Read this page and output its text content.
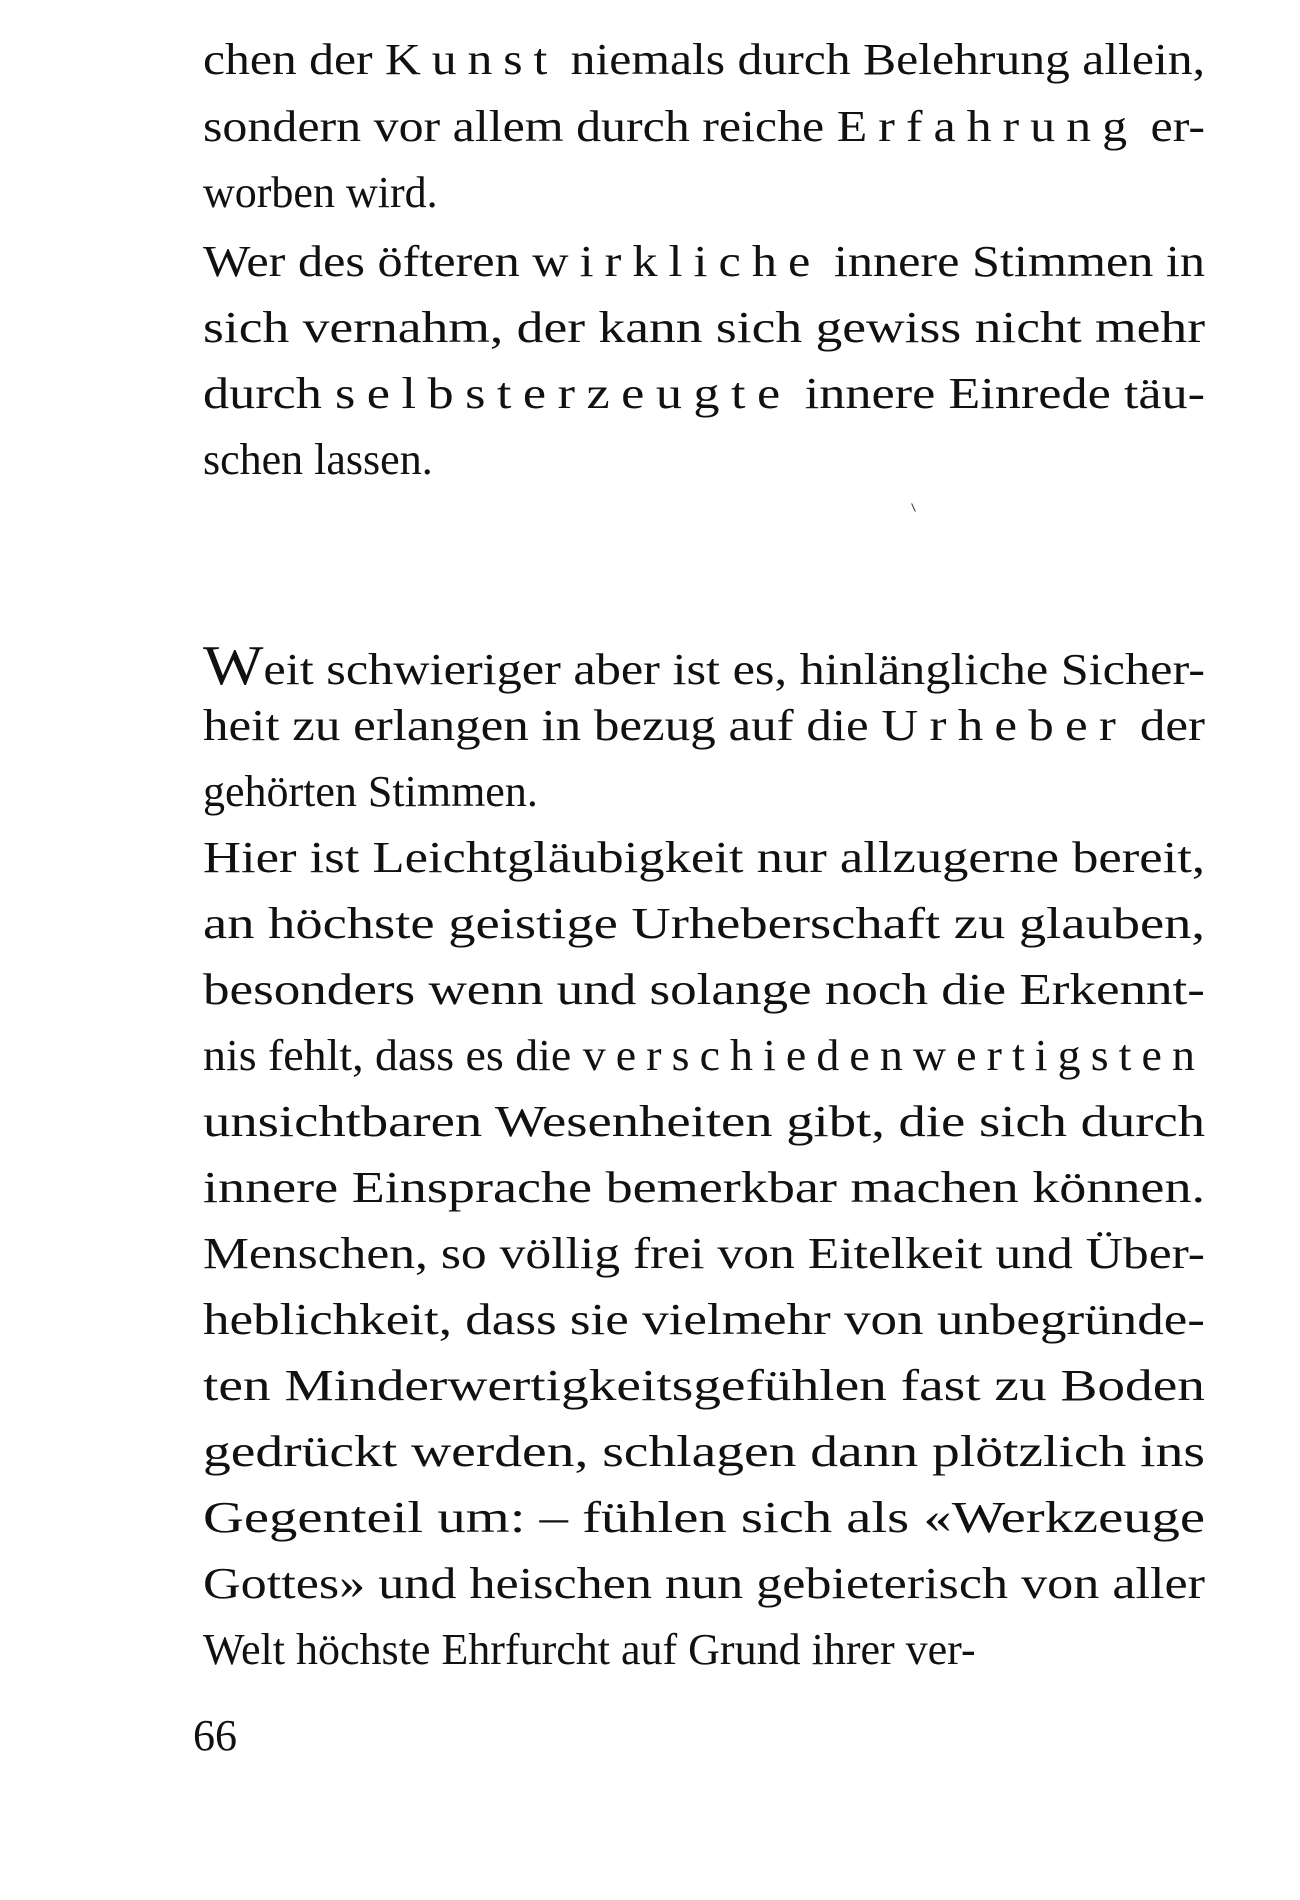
chen der Kunst niemals durch Belehrung allein,
sondern vor allem durch reiche Erfahrung er-
worben wird.
Wer des öfteren wirkliche innere Stimmen in
sich vernahm, der kann sich gewiss nicht mehr
durch selbsterzeugte innere Einrede täu-
schen lassen.
Weit schwieriger aber ist es, hinlängliche Sicher-
heit zu erlangen in bezug auf die Urheber der
gehörten Stimmen.
Hier ist Leichtgläubigkeit nur allzugerne bereit,
an höchste geistige Urheberschaft zu glauben,
besonders wenn und solange noch die Erkennt-
nis fehlt, dass es die verschiedenwertigsten
unsichtbaren Wesenheiten gibt, die sich durch
innere Einsprache bemerkbar machen können.
Menschen, so völlig frei von Eitelkeit und Über-
heblichkeit, dass sie vielmehr von unbegründe-
ten Minderwertigkeitsgefühlen fast zu Boden
gedrückt werden, schlagen dann plötzlich ins
Gegenteil um: – fühlen sich als «Werkzeuge
Gottes» und heischen nun gebieterisch von aller
Welt höchste Ehrfurcht auf Grund ihrer ver-
66
